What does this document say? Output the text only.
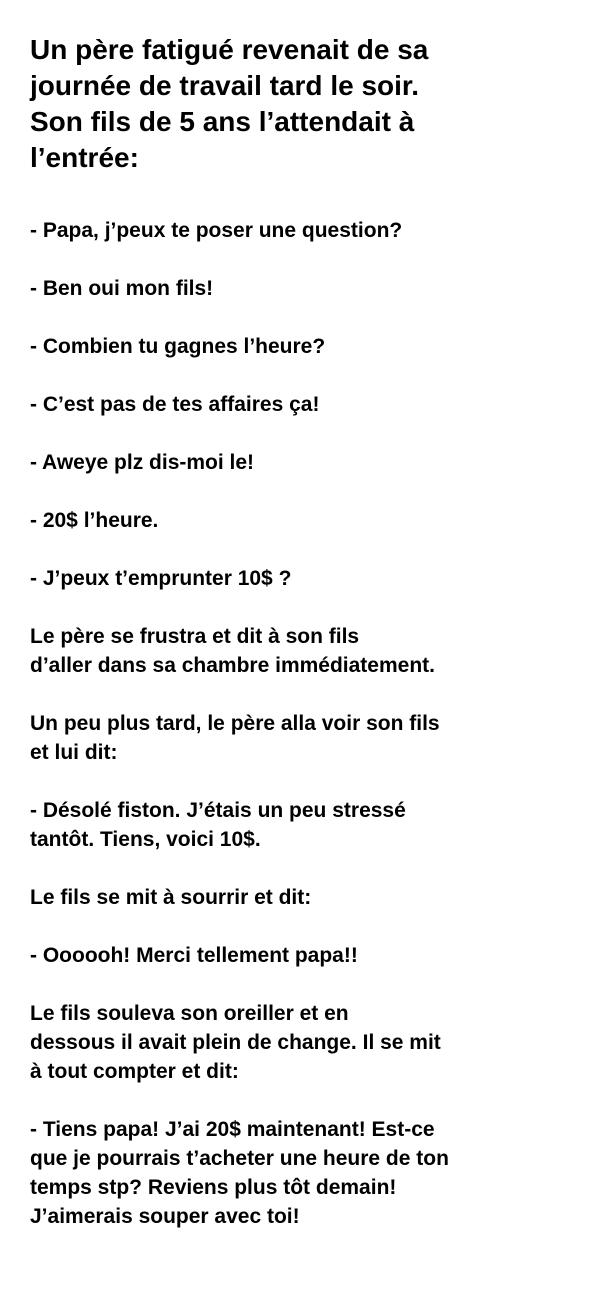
Un père fatigué revenait de sa
journée de travail tard le soir.
Son fils de 5 ans l’attendait à
l’entrée:
- Papa, j’peux te poser une question?
- Ben oui mon fils!
- Combien tu gagnes l’heure?
- C’est pas de tes affaires ça!
- Aweye plz dis-moi le!
- 20$ l’heure.
- J’peux t’emprunter 10$ ?
Le père se frustra et dit à son fils
d’aller dans sa chambre immédiatement.
Un peu plus tard, le père alla voir son fils
et lui dit:
- Désolé fiston. J’étais un peu stressé
tantôt. Tiens, voici 10$.
Le fils se mit à sourrir et dit:
- Oooooh! Merci tellement papa!!
Le fils souleva son oreiller et en
dessous il avait plein de change. Il se mit
à tout compter et dit:
- Tiens papa! J’ai 20$ maintenant! Est-ce
que je pourrais t’acheter une heure de ton
temps stp? Reviens plus tôt demain!
J’aimerais souper avec toi!
